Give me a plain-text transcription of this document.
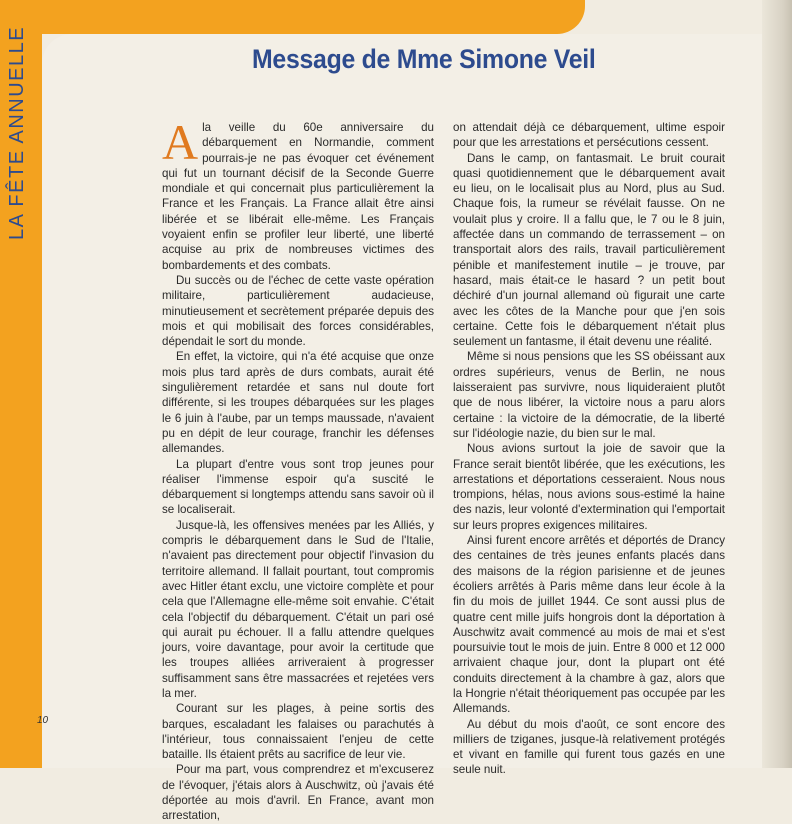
Message de Mme Simone Veil

Ala veille du 60e anniversaire du débarquement en Normandie, comment pourrais-je ne pas évoquer cet événement qui fut un tournant décisif de la Seconde Guerre mondiale et qui concernait plus particulièrement la France et les Français. La France allait être ainsi libérée et se libérait elle-même. Les Français voyaient enfin se profiler leur liberté, une liberté acquise au prix de nombreuses victimes des bombardements et des combats.

Du succès ou de l'échec de cette vaste opération militaire, particulièrement audacieuse, minutieusement et secrètement préparée depuis des mois et qui mobilisait des forces considérables, dépendait le sort du monde.

En effet, la victoire, qui n'a été acquise que onze mois plus tard après de durs combats, aurait été singulièrement retardée et sans nul doute fort différente, si les troupes débarquées sur les plages le 6 juin à l'aube, par un temps maussade, n'avaient pu en dépit de leur courage, franchir les défenses allemandes.

La plupart d'entre vous sont trop jeunes pour réaliser l'immense espoir qu'a suscité le débarquement si longtemps attendu sans savoir où il se localiserait.

Jusque-là, les offensives menées par les Alliés, y compris le débarquement dans le Sud de l'Italie, n'avaient pas directement pour objectif l'invasion du territoire allemand. Il fallait pourtant, tout compromis avec Hitler étant exclu, une victoire complète et pour cela que l'Allemagne elle-même soit envahie. C'était cela l'objectif du débarquement. C'était un pari osé qui aurait pu échouer. Il a fallu attendre quelques jours, voire davantage, pour avoir la certitude que les troupes alliées arriveraient à progresser suffisamment sans être massacrées et rejetées vers la mer.

Courant sur les plages, à peine sortis des barques, escaladant les falaises ou parachutés à l'intérieur, tous connaissaient l'enjeu de cette bataille. Ils étaient prêts au sacrifice de leur vie.

Pour ma part, vous comprendrez et m'excuserez de l'évoquer, j'étais alors à Auschwitz, où j'avais été déportée au mois d'avril. En France, avant mon arrestation,

on attendait déjà ce débarquement, ultime espoir pour que les arrestations et persécutions cessent.

Dans le camp, on fantasmait. Le bruit courait quasi quotidiennement que le débarquement avait eu lieu, on le localisait plus au Nord, plus au Sud. Chaque fois, la rumeur se révélait fausse. On ne voulait plus y croire. Il a fallu que, le 7 ou le 8 juin, affectée dans un commando de terrassement – on transportait alors des rails, travail particulièrement pénible et manifestement inutile – je trouve, par hasard, mais était-ce le hasard ? un petit bout déchiré d'un journal allemand où figurait une carte avec les côtes de la Manche pour que j'en sois certaine. Cette fois le débarquement n'était plus seulement un fantasme, il était devenu une réalité.

Même si nous pensions que les SS obéissant aux ordres supérieurs, venus de Berlin, ne nous laisseraient pas survivre, nous liquideraient plutôt que de nous libérer, la victoire nous a paru alors certaine : la victoire de la démocratie, de la liberté sur l'idéologie nazie, du bien sur le mal.

Nous avions surtout la joie de savoir que la France serait bientôt libérée, que les exécutions, les arrestations et déportations cesseraient. Nous nous trompions, hélas, nous avions sous-estimé la haine des nazis, leur volonté d'extermination qui l'emportait sur leurs propres exigences militaires.

Ainsi furent encore arrêtés et déportés de Drancy des centaines de très jeunes enfants placés dans des maisons de la région parisienne et de jeunes écoliers arrêtés à Paris même dans leur école à la fin du mois de juillet 1944. Ce sont aussi plus de quatre cent mille juifs hongrois dont la déportation à Auschwitz avait commencé au mois de mai et s'est poursuivie tout le mois de juin. Entre 8 000 et 12 000 arrivaient chaque jour, dont la plupart ont été conduits directement à la chambre à gaz, alors que la Hongrie n'était théoriquement pas occupée par les Allemands.

Au début du mois d'août, ce sont encore des milliers de tziganes, jusque-là relativement protégés et vivant en famille qui furent tous gazés en une seule nuit.

10
